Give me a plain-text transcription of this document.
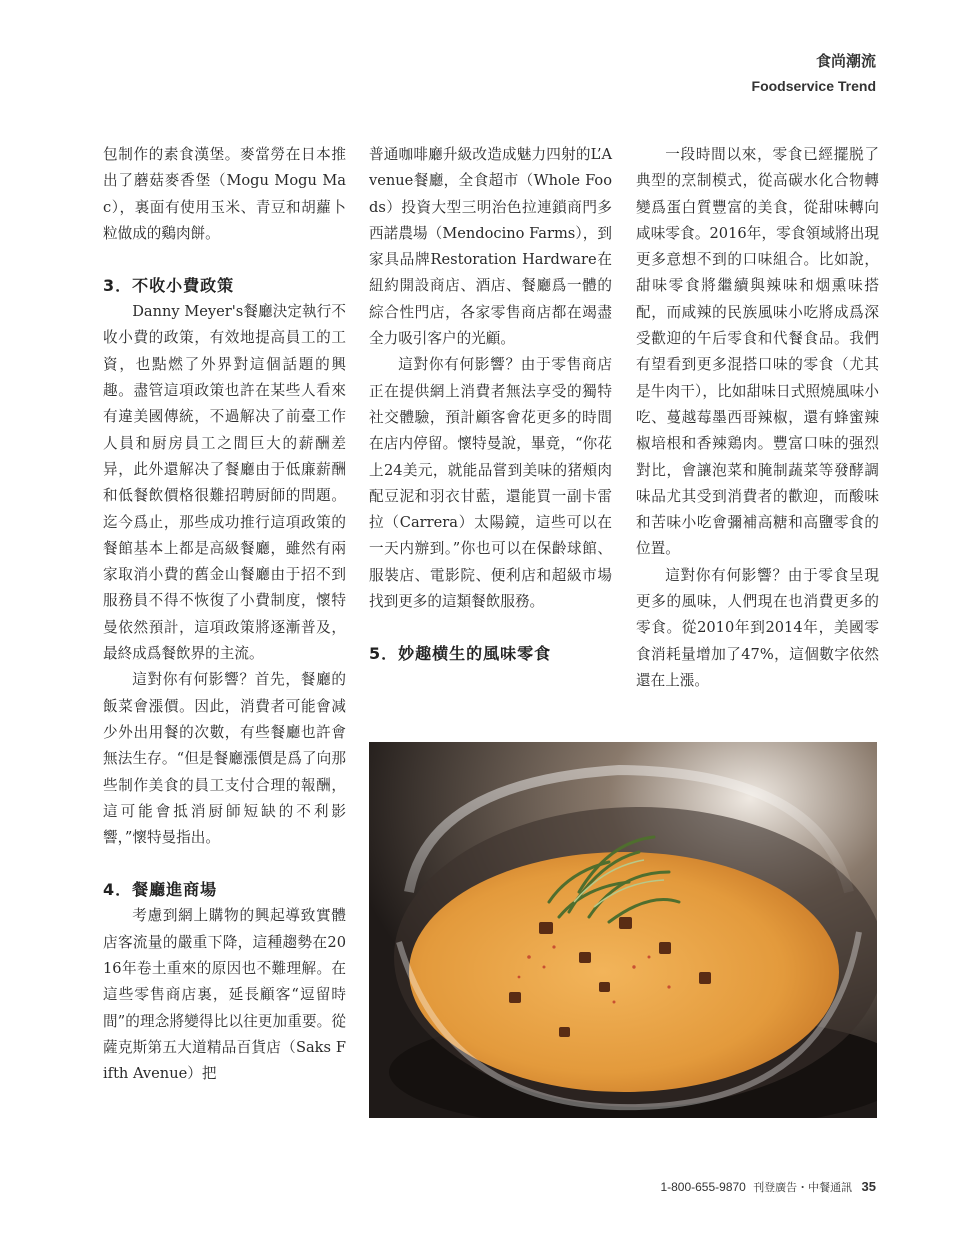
食尚潮流
Foodservice Trend

包制作的素食漢堡。麥當勞在日本推出了蘑菇麥香堡（Mogu Mogu Mac），裏面有使用玉米、青豆和胡蘿卜粒做成的鷄肉餅。

3．不收小費政策

Danny Meyer's餐廳決定執行不收小費的政策，有效地提高員工的工資，也點燃了外界對這個話題的興趣。盡管這項政策也許在某些人看來有違美國傳統，不過解决了前臺工作人員和厨房員工之間巨大的薪酬差异，此外還解决了餐廳由于低廉薪酬和低餐飲價格很難招聘厨師的問題。迄今爲止，那些成功推行這項政策的餐館基本上都是高級餐廳，雖然有兩家取消小費的舊金山餐廳由于招不到服務員不得不恢復了小費制度，懷特曼依然預計，這項政策將逐漸普及，最終成爲餐飲界的主流。

這對你有何影響？首先，餐廳的飯菜會漲價。因此，消費者可能會减少外出用餐的次數，有些餐廳也許會無法生存。“但是餐廳漲價是爲了向那些制作美食的員工支付合理的報酬，這可能會抵消厨師短缺的不利影響，”懷特曼指出。

4．餐廳進商場

考慮到網上購物的興起導致實體店客流量的嚴重下降，這種趨勢在2016年卷土重來的原因也不難理解。在這些零售商店裏，延長顧客“逗留時間”的理念將變得比以往更加重要。從薩克斯第五大道精品百貨店（Saks Fifth Avenue）把

普通咖啡廳升級改造成魅力四射的L’Avenue餐廳，全食超市（Whole Foods）投資大型三明治色拉連鎖商門多西諾農場（Mendocino Farms），到家具品牌Restoration Hardware在紐約開設商店、酒店、餐廳爲一體的綜合性門店，各家零售商店都在竭盡全力吸引客户的光顧。

這對你有何影響？由于零售商店正在提供網上消費者無法享受的獨特社交體驗，預計顧客會花更多的時間在店内停留。懷特曼說，畢竟，“你花上24美元，就能品嘗到美味的猪頰肉配豆泥和羽衣甘藍，還能買一副卡雷拉（Carrera）太陽鏡，這些可以在一天内辦到。”你也可以在保齡球館、服裝店、電影院、便利店和超級市場找到更多的這類餐飲服務。

5．妙趣横生的風味零食

一段時間以來，零食已經擺脱了典型的烹制模式，從高碳水化合物轉變爲蛋白質豐富的美食，從甜味轉向咸味零食。2016年，零食領域將出現更多意想不到的口味組合。比如說，甜味零食將繼續與辣味和烟熏味搭配，而咸辣的民族風味小吃將成爲深受歡迎的午后零食和代餐食品。我們有望看到更多混搭口味的零食（尤其是牛肉干），比如甜味日式照燒風味小吃、蔓越莓墨西哥辣椒，還有蜂蜜辣椒培根和香辣鶏肉。豐富口味的强烈對比，會讓泡菜和腌制蔬菜等發酵調味品尤其受到消費者的歡迎，而酸味和苦味小吃會彌補高糖和高鹽零食的位置。

這對你有何影響？由于零食呈現更多的風味，人們現在也消費更多的零食。從2010年到2014年，美國零食消耗量增加了47%，這個數字依然還在上漲。

1-800-655-9870 刊登廣告・中餐通訊 35
